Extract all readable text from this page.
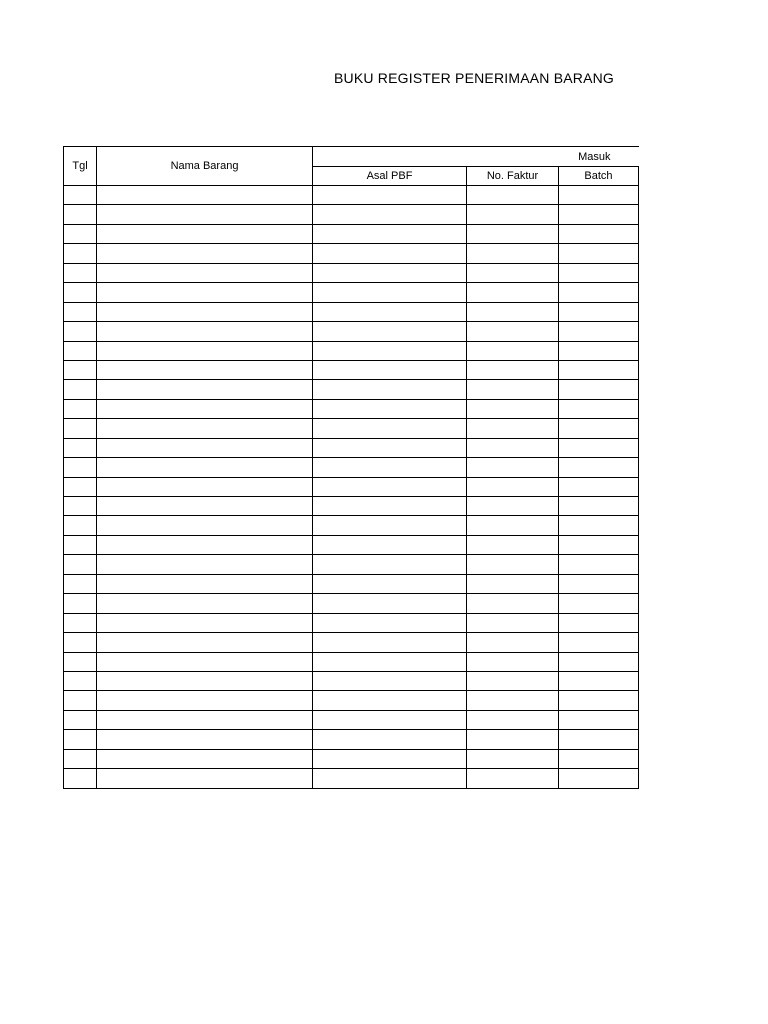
BUKU REGISTER PENERIMAAN BARANG
Tgl	Nama Barang	Masuk		
		Asal PBF	No. Faktur	Batch
